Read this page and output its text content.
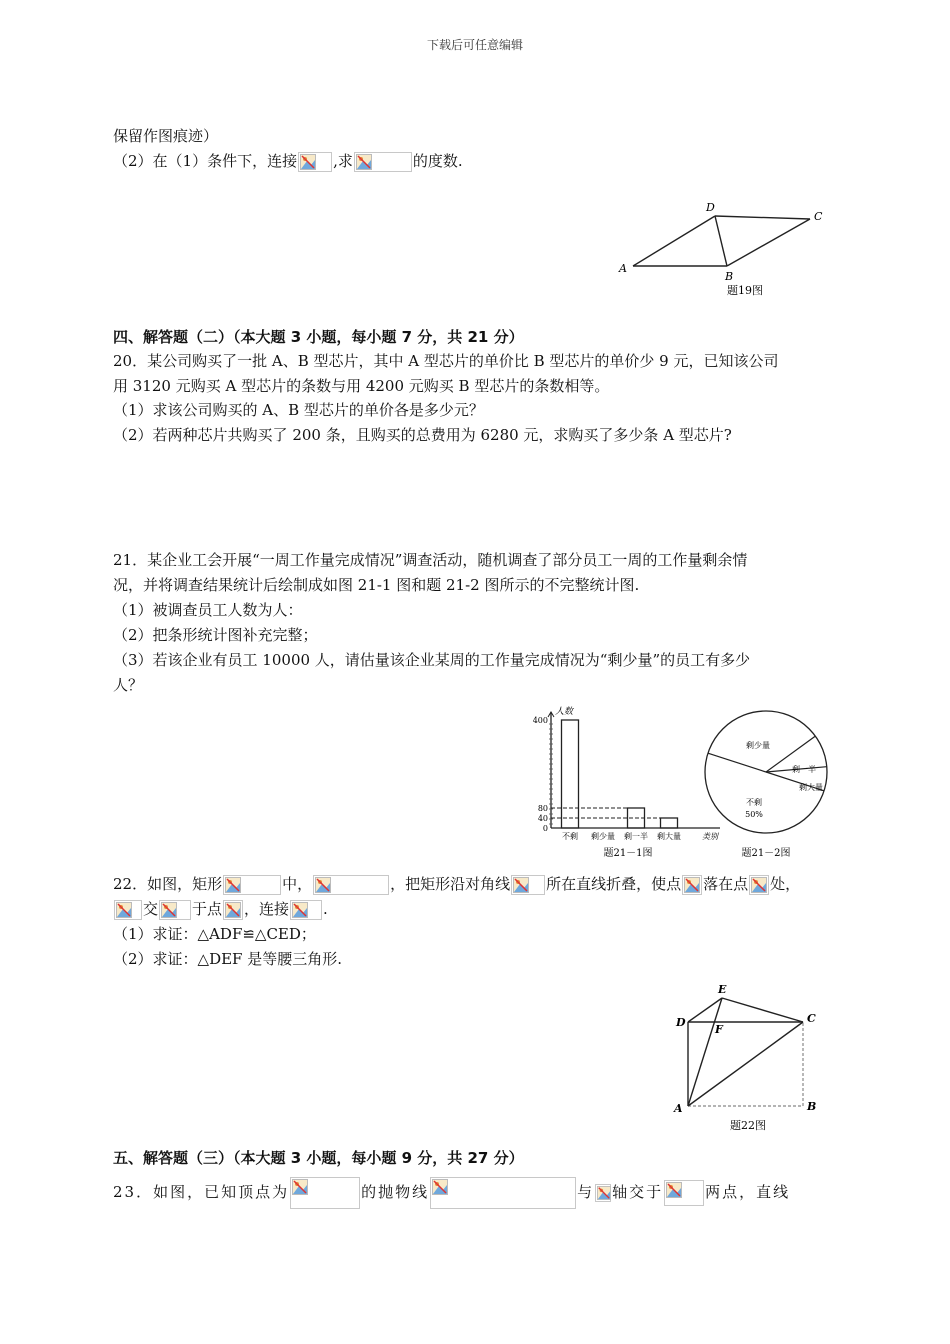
下载后可任意编辑
保留作图痕迹）
（2）在（1）条件下，连接 ,求	的度数.
A
B
C
D
题19图
四、解答题（二）（本大题 3 小题，每小题 7 分，共 21 分）
20．某公司购买了一批 A、B 型芯片，其中 A 型芯片的单价比 B 型芯片的单价少 9 元，已知该公司
用 3120 元购买 A 型芯片的条数与用 4200 元购买 B 型芯片的条数相等。
（1）求该公司购买的 A、B 型芯片的单价各是多少元？
（2）若两种芯片共购买了 200 条，且购买的总费用为 6280 元，求购买了多少条 A 型芯片?
21．某企业工会开展“一周工作量完成情况”调查活动，随机调查了部分员工一周的工作量剩余情
况，并将调查结果统计后绘制成如图 21-1 图和题 21-2 图所示的不完整统计图.
（1）被调查员工人数为人：
（2）把条形统计图补充完整；
（3）若该企业有员工 10000 人，请估量该企业某周的工作量完成情况为“剩少量”的员工有多少
人？
人数
类别
0
40
80
400
不剩 剩少量 剩一半 剩大量
题21－1图
剩少量
剩一半
剩大量
不剩
50%
题21－2图
22．如图，矩形	中，	，把矩形沿对角线 所在直线折叠，使点 落在点 处，
交 于点 ，连接 .
（1）求证：△ADF≌△CED；
（2）求证：△DEF 是等腰三角形.
A	B
C
D
E
F
题22图
五、解答题（三）（本大题 3 小题，每小题 9 分，共 27 分）
23．如图，已知顶点为	的抛物线	与 轴交于	两点，直线
